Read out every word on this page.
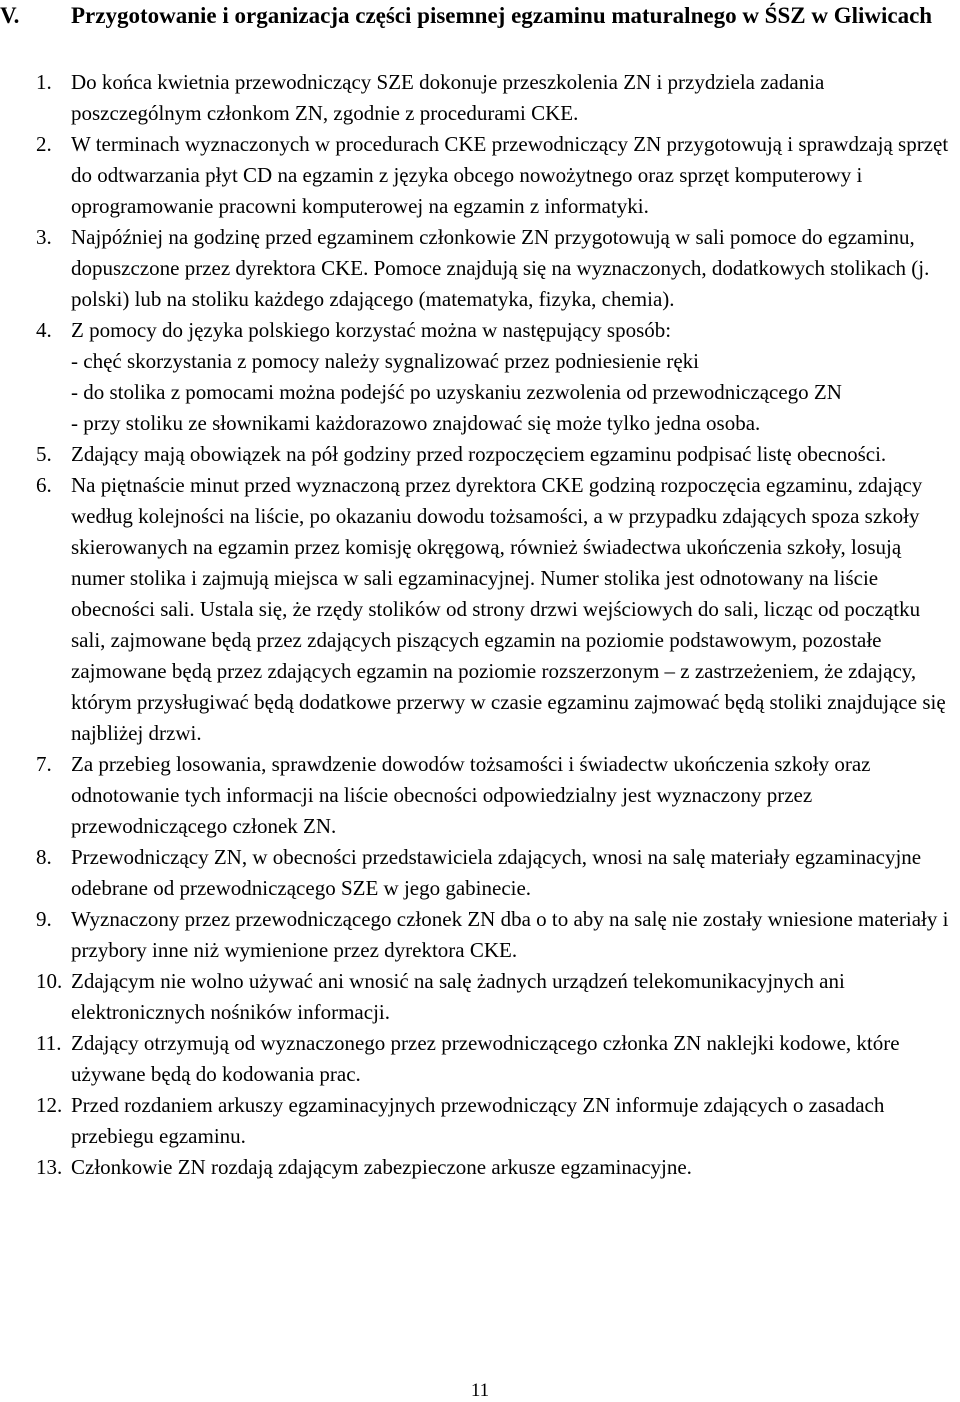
V.	Przygotowanie i organizacja części pisemnej egzaminu maturalnego w ŚSZ w Gliwicach
1. Do końca kwietnia przewodniczący SZE dokonuje przeszkolenia ZN i przydziela zadania poszczególnym członkom ZN, zgodnie z procedurami CKE.

2. W terminach wyznaczonych w procedurach CKE przewodniczący ZN przygotowują i sprawdzają sprzęt do odtwarzania płyt CD na egzamin z języka obcego nowożytnego oraz sprzęt komputerowy i oprogramowanie pracowni komputerowej na egzamin z informatyki.

3. Najpóźniej na godzinę przed egzaminem członkowie ZN przygotowują w sali pomoce do egzaminu, dopuszczone przez dyrektora CKE. Pomoce znajdują się na wyznaczonych, dodatkowych stolikach (j. polski) lub na stoliku każdego zdającego (matematyka, fizyka, chemia).

4. Z pomocy do języka polskiego korzystać można w następujący sposób:
- chęć skorzystania z pomocy należy sygnalizować przez podniesienie ręki
- do stolika z pomocami można podejść po uzyskaniu zezwolenia od przewodniczącego ZN
- przy stoliku ze słownikami każdorazowo znajdować się może tylko jedna osoba.
5. Zdający mają obowiązek na pół godziny przed rozpoczęciem egzaminu podpisać listę obecności.

6. Na piętnaście minut przed wyznaczoną przez dyrektora CKE godziną rozpoczęcia egzaminu, zdający według kolejności na liście, po okazaniu dowodu tożsamości, a w przypadku zdających spoza szkoły skierowanych na egzamin przez komisję okręgową, również świadectwa ukończenia szkoły, losują numer stolika i zajmują miejsca w sali egzaminacyjnej. Numer stolika jest odnotowany na liście obecności sali. Ustala się, że rzędy stolików od strony drzwi wejściowych do sali, licząc od początku sali, zajmowane będą przez zdających piszących egzamin na poziomie podstawowym, pozostałe zajmowane będą przez zdających egzamin na poziomie rozszerzonym – z zastrzeżeniem, że zdający, którym przysługiwać będą dodatkowe przerwy w czasie egzaminu zajmować będą stoliki znajdujące się najbliżej drzwi.

7. Za przebieg losowania, sprawdzenie dowodów tożsamości i świadectw ukończenia szkoły oraz odnotowanie tych informacji na liście obecności odpowiedzialny jest wyznaczony przez przewodniczącego członek ZN.

8. Przewodniczący ZN, w obecności przedstawiciela zdających, wnosi na salę materiały egzaminacyjne odebrane od przewodniczącego SZE w jego gabinecie.

9. Wyznaczony przez przewodniczącego członek ZN dba o to aby na salę nie zostały wniesione materiały i przybory inne niż wymienione przez dyrektora CKE.

10. Zdającym nie wolno używać ani wnosić na salę żadnych urządzeń telekomunikacyjnych ani elektronicznych nośników informacji.

11. Zdający otrzymują od wyznaczonego przez przewodniczącego członka ZN naklejki kodowe, które używane będą do kodowania prac.

12. Przed rozdaniem arkuszy egzaminacyjnych przewodniczący ZN informuje zdających o zasadach przebiegu egzaminu.

13. Członkowie ZN rozdają zdającym zabezpieczone arkusze egzaminacyjne.

11
